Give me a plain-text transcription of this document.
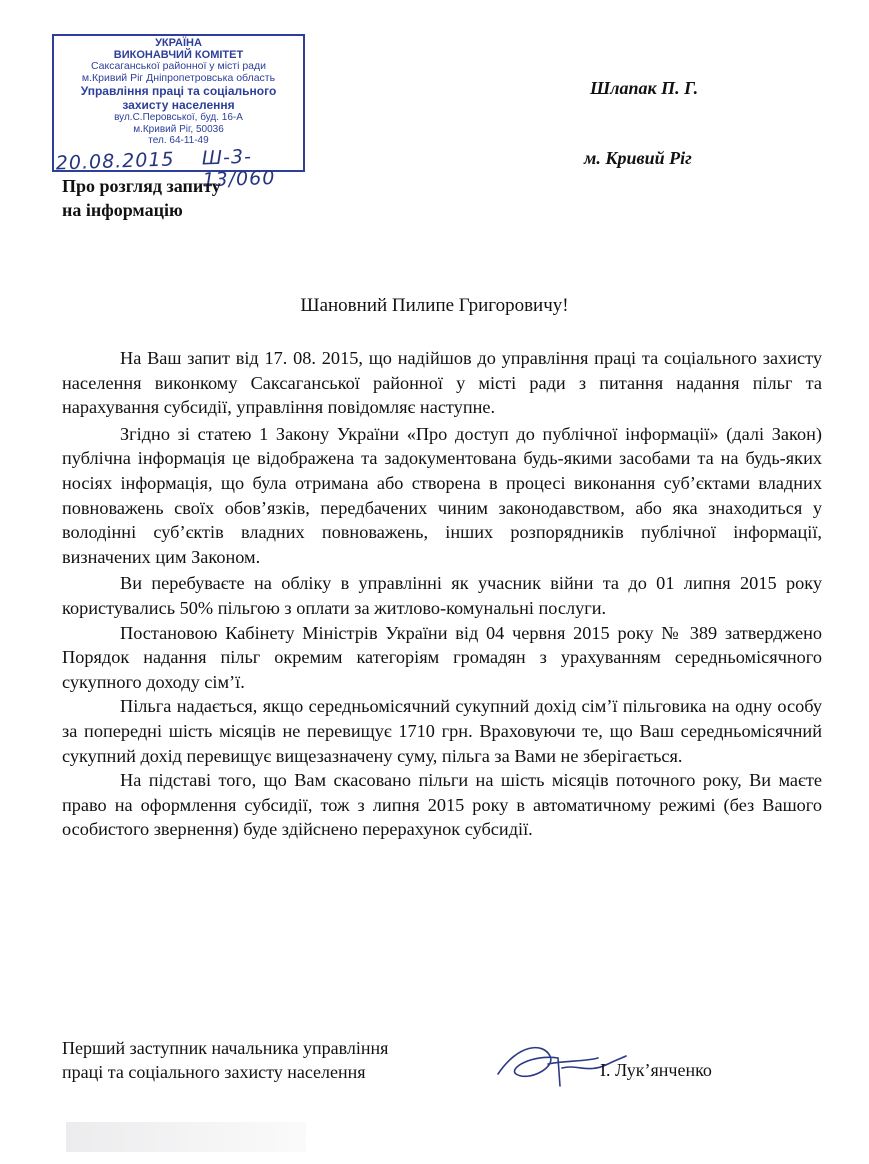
УКРАЇНА
ВИКОНАВЧИЙ КОМІТЕТ
Саксаганської районної у місті ради
м.Кривий Ріг Дніпропетровська область
Управління праці та соціального
захисту населення
вул.С.Перовської, буд. 16-А
м.Кривий Ріг, 50036
тел. 64-11-49
20.08.2015 Ш-3-13/060
Шлапак П. Г.
м. Кривий Ріг
Про розгляд запиту
на інформацію
Шановний Пилипе Григоровичу!

На Ваш запит від 17. 08. 2015, що надійшов до управління праці та соціального захисту населення виконкому Саксаганської районної у місті ради з питання надання пільг та нарахування субсидії, управління повідомляє наступне.

Згідно зі статею 1 Закону України «Про доступ до публічної інформації» (далі Закон) публічна інформація це відображена та задокументована будь-якими засобами та на будь-яких носіях інформація, що була отримана або створена в процесі виконання суб’єктами владних повноважень своїх обов’язків, передбачених чиним законодавством, або яка знаходиться у володінні суб’єктів владних повноважень, інших розпорядників публічної інформації, визначених цим Законом.

Ви перебуваєте на обліку в управлінні як учасник війни та до 01 липня 2015 року користувались 50% пільгою з оплати за житлово-комунальні послуги.

Постановою Кабінету Міністрів України від 04 червня 2015 року № 389 затверджено Порядок надання пільг окремим категоріям громадян з урахуванням середньомісячного сукупного доходу сім’ї.

Пільга надається, якщо середньомісячний сукупний дохід сім’ї пільговика на одну особу за попередні шість місяців не перевищує 1710 грн. Враховуючи те, що Ваш середньомісячний сукупний дохід перевищує вищезазначену суму, пільга за Вами не зберігається.

На підставі того, що Вам скасовано пільги на шість місяців поточного року, Ви маєте право на оформлення субсидії, тож з липня 2015 року в автоматичному режимі (без Вашого особистого звернення) буде здійснено перерахунок субсидії.

Перший заступник начальника управління
праці та соціального захисту населення	І. Лук’янченко
